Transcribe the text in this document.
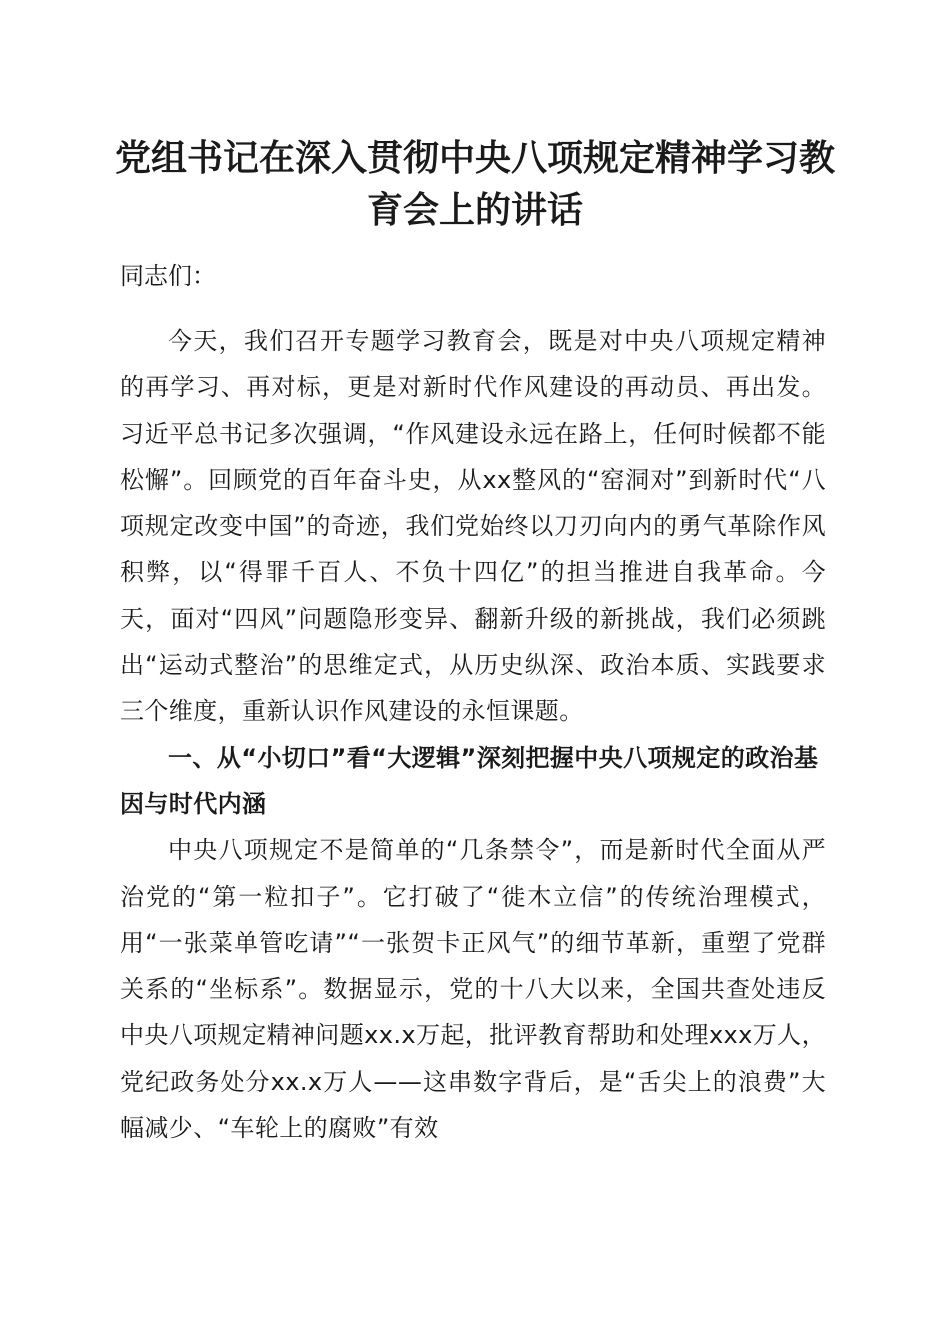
党组书记在深入贯彻中央八项规定精神学习教
育会上的讲话
同志们：

今天，我们召开专题学习教育会，既是对中央八项规定精神的再学习、再对标，更是对新时代作风建设的再动员、再出发。习近平总书记多次强调，“作风建设永远在路上，任何时候都不能松懈”。回顾党的百年奋斗史，从xx整风的“窑洞对”到新时代“八项规定改变中国”的奇迹，我们党始终以刀刃向内的勇气革除作风积弊，以“得罪千百人、不负十四亿”的担当推进自我革命。今天，面对“四风”问题隐形变异、翻新升级的新挑战，我们必须跳出“运动式整治”的思维定式，从历史纵深、政治本质、实践要求三个维度，重新认识作风建设的永恒课题。

一、从“小切口”看“大逻辑”深刻把握中央八项规定的政治基因与时代内涵

中央八项规定不是简单的“几条禁令”，而是新时代全面从严治党的“第一粒扣子”。它打破了“徙木立信”的传统治理模式，用“一张菜单管吃请”“一张贺卡正风气”的细节革新，重塑了党群关系的“坐标系”。数据显示，党的十八大以来，全国共查处违反中央八项规定精神问题xx.x万起，批评教育帮助和处理xxx万人，党纪政务处分xx.x万人——这串数字背后，是“舌尖上的浪费”大幅减少、“车轮上的腐败”有效
